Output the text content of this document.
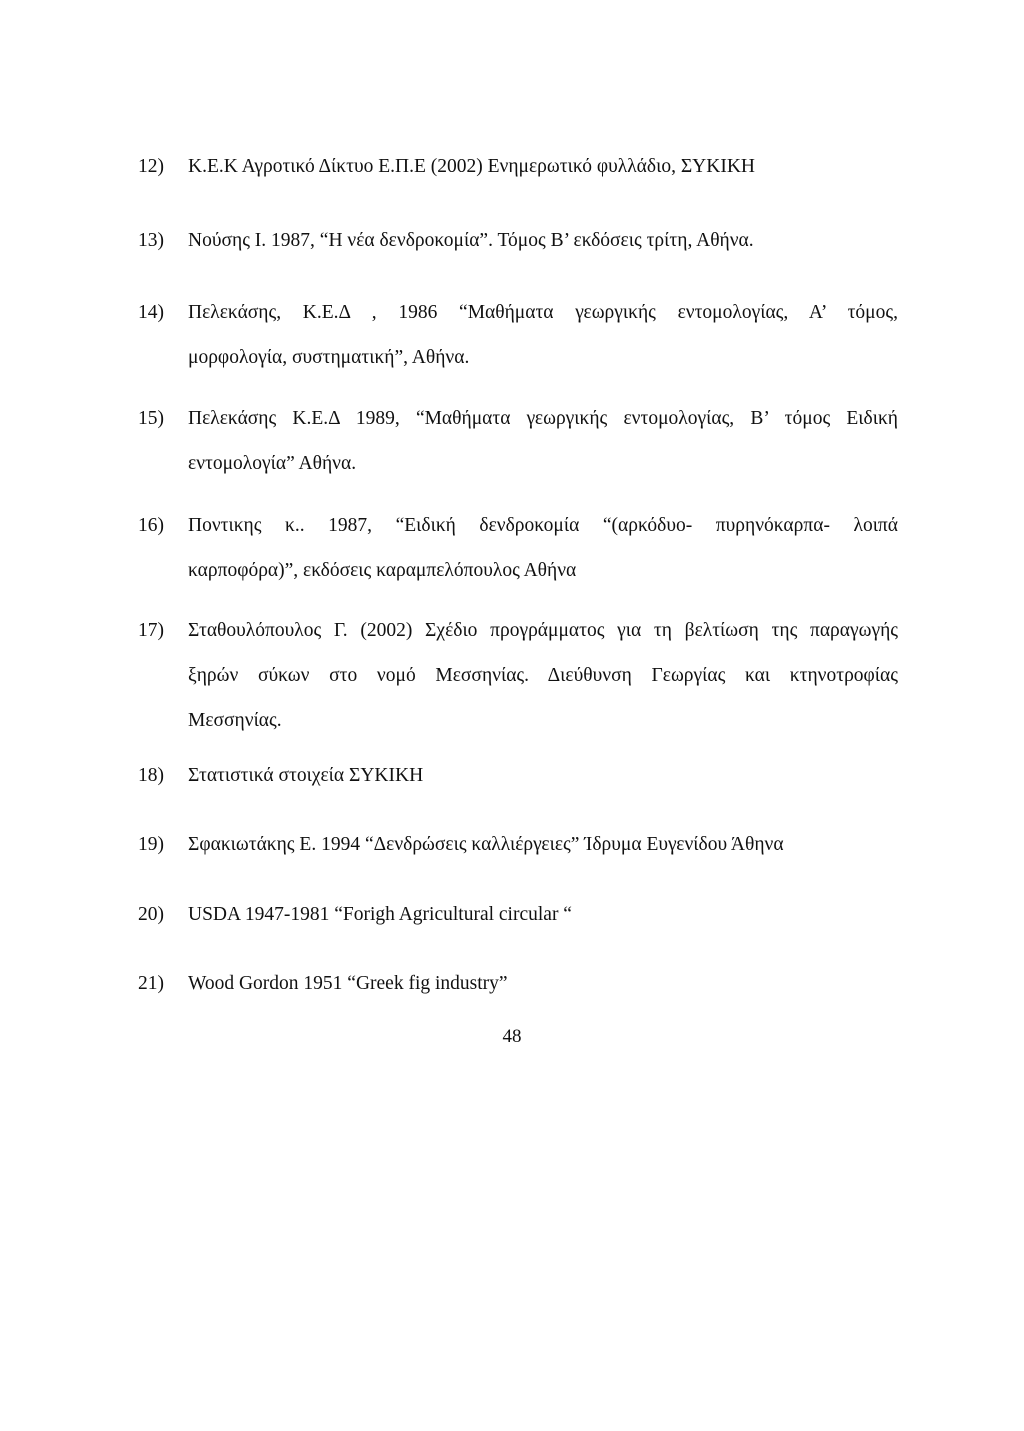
12) Κ.Ε.Κ Αγροτικό Δίκτυο Ε.Π.Ε (2002) Ενημερωτικό φυλλάδιο, ΣΥΚΙΚΗ
13) Νούσης Ι. 1987, “Η νέα δενδροκομία”. Τόμος Β’ εκδόσεις τρίτη, Αθήνα.
14) Πελεκάσης, Κ.Ε.Δ , 1986 “Μαθήματα γεωργικής εντομολογίας, Α’ τόμος,
μορφολογία, συστηματική”, Αθήνα.
15) Πελεκάσης Κ.Ε.Δ 1989, “Μαθήματα γεωργικής εντομολογίας, Β’ τόμος Ειδική
εντομολογία” Αθήνα.
16) Ποντικης κ.. 1987, “Ειδική δενδροκομία “(αρκόδυο- πυρηνόκαρπα- λοιπά
καρποφόρα)”, εκδόσεις καραμπελόπουλος Αθήνα
17) Σταθουλόπουλος Γ. (2002) Σχέδιο προγράμματος για τη βελτίωση της παραγωγής
ξηρών σύκων στο νομό Μεσσηνίας. Διεύθυνση Γεωργίας και κτηνοτροφίας
Μεσσηνίας.
18) Στατιστικά στοιχεία ΣΥΚΙΚΗ
19) Σφακιωτάκης Ε. 1994 “Δενδρώσεις καλλιέργειες” Ίδρυμα Ευγενίδου Άθηνα
20) USDA 1947-1981 “Forigh Agricultural circular “
21) Wood Gordon 1951 “Greek fig industry”
48
